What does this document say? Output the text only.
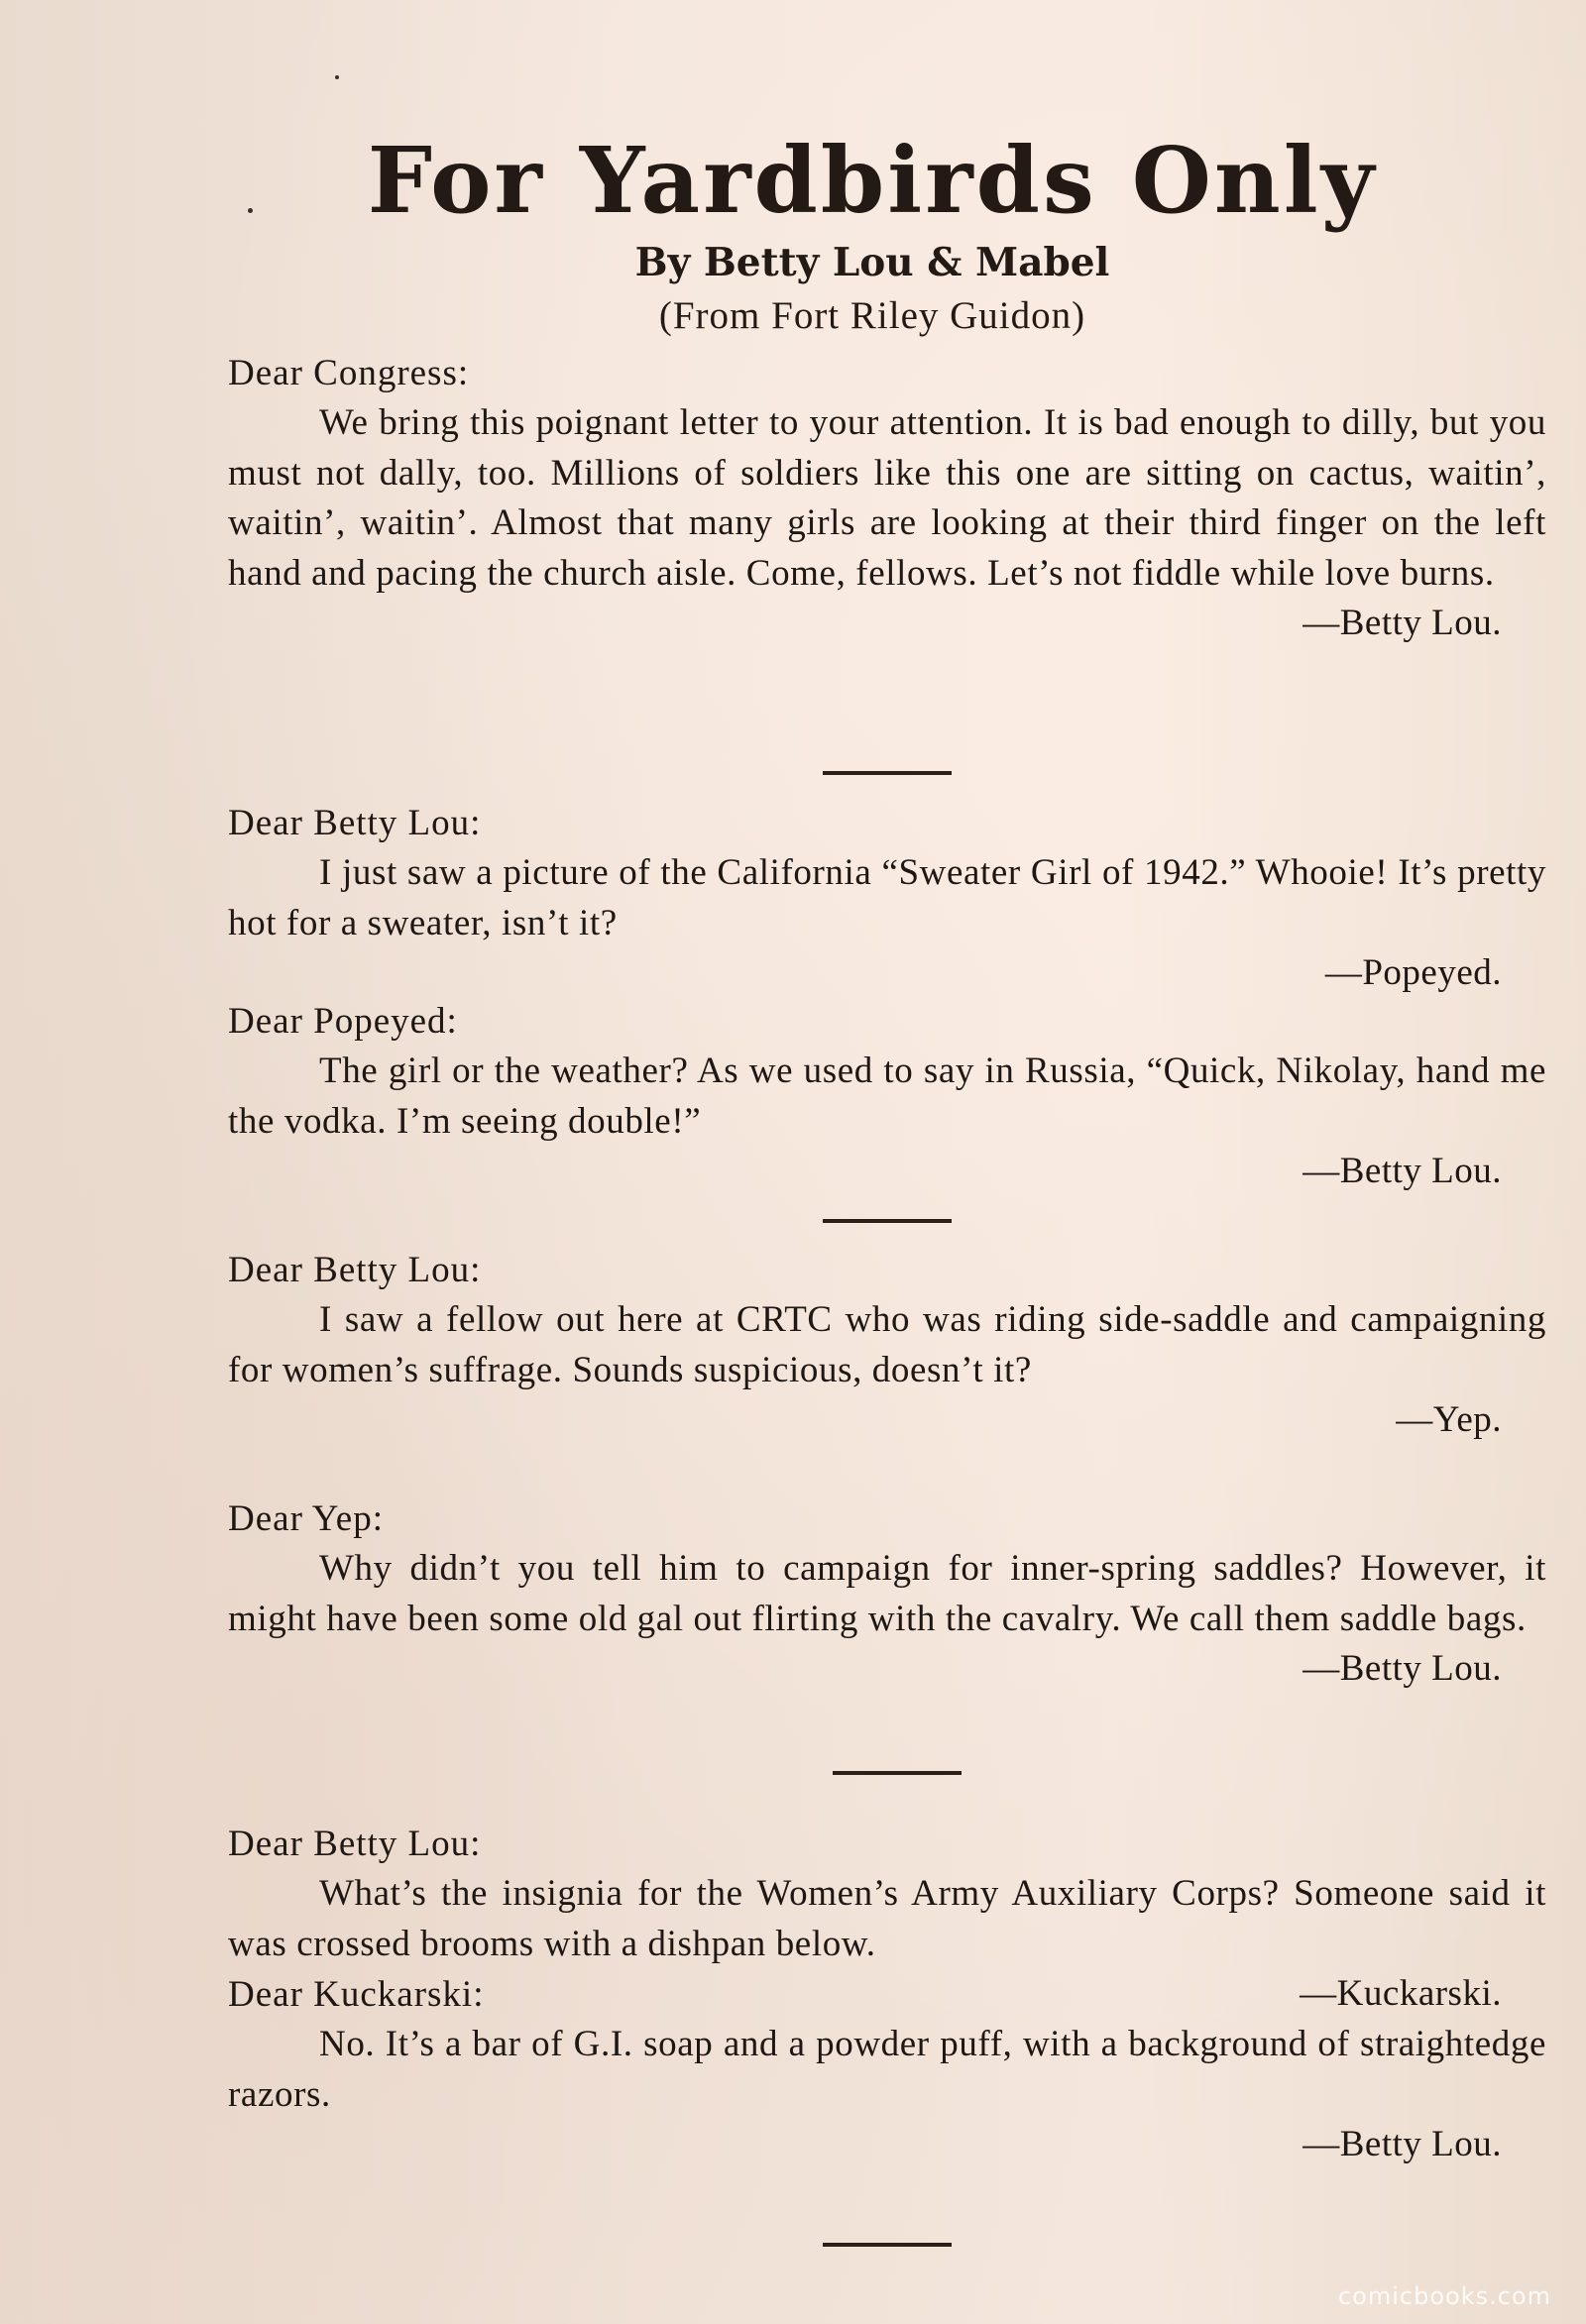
For Yardbirds Only
By Betty Lou & Mabel
(From Fort Riley Guidon)
Dear Congress:

We bring this poignant letter to your attention. It is bad enough to dilly, but you must not dally, too. Millions of soldiers like this one are sitting on cactus, waitin’, waitin’, waitin’. Almost that many girls are looking at their third finger on the left hand and pacing the church aisle. Come, fellows. Let’s not fiddle while love burns.

—Betty Lou.
Dear Betty Lou:

I just saw a picture of the California “Sweater Girl of 1942.” Whooie! It’s pretty hot for a sweater, isn’t it?

—Popeyed.
Dear Popeyed:

The girl or the weather? As we used to say in Russia, “Quick, Nikolay, hand me the vodka. I’m seeing double!”

—Betty Lou.
Dear Betty Lou:

I saw a fellow out here at CRTC who was riding side-saddle and campaigning for women’s suffrage. Sounds suspicious, doesn’t it?

—Yep.
Dear Yep:

Why didn’t you tell him to campaign for inner-spring saddles? However, it might have been some old gal out flirting with the cavalry. We call them saddle bags.

—Betty Lou.
Dear Betty Lou:

What’s the insignia for the Women’s Army Auxiliary Corps? Someone said it was crossed brooms with a dishpan below.

—Kuckarski.
Dear Kuckarski:

No. It’s a bar of G.I. soap and a powder puff, with a background of straightedge razors.

—Betty Lou.
comicbooks.com
